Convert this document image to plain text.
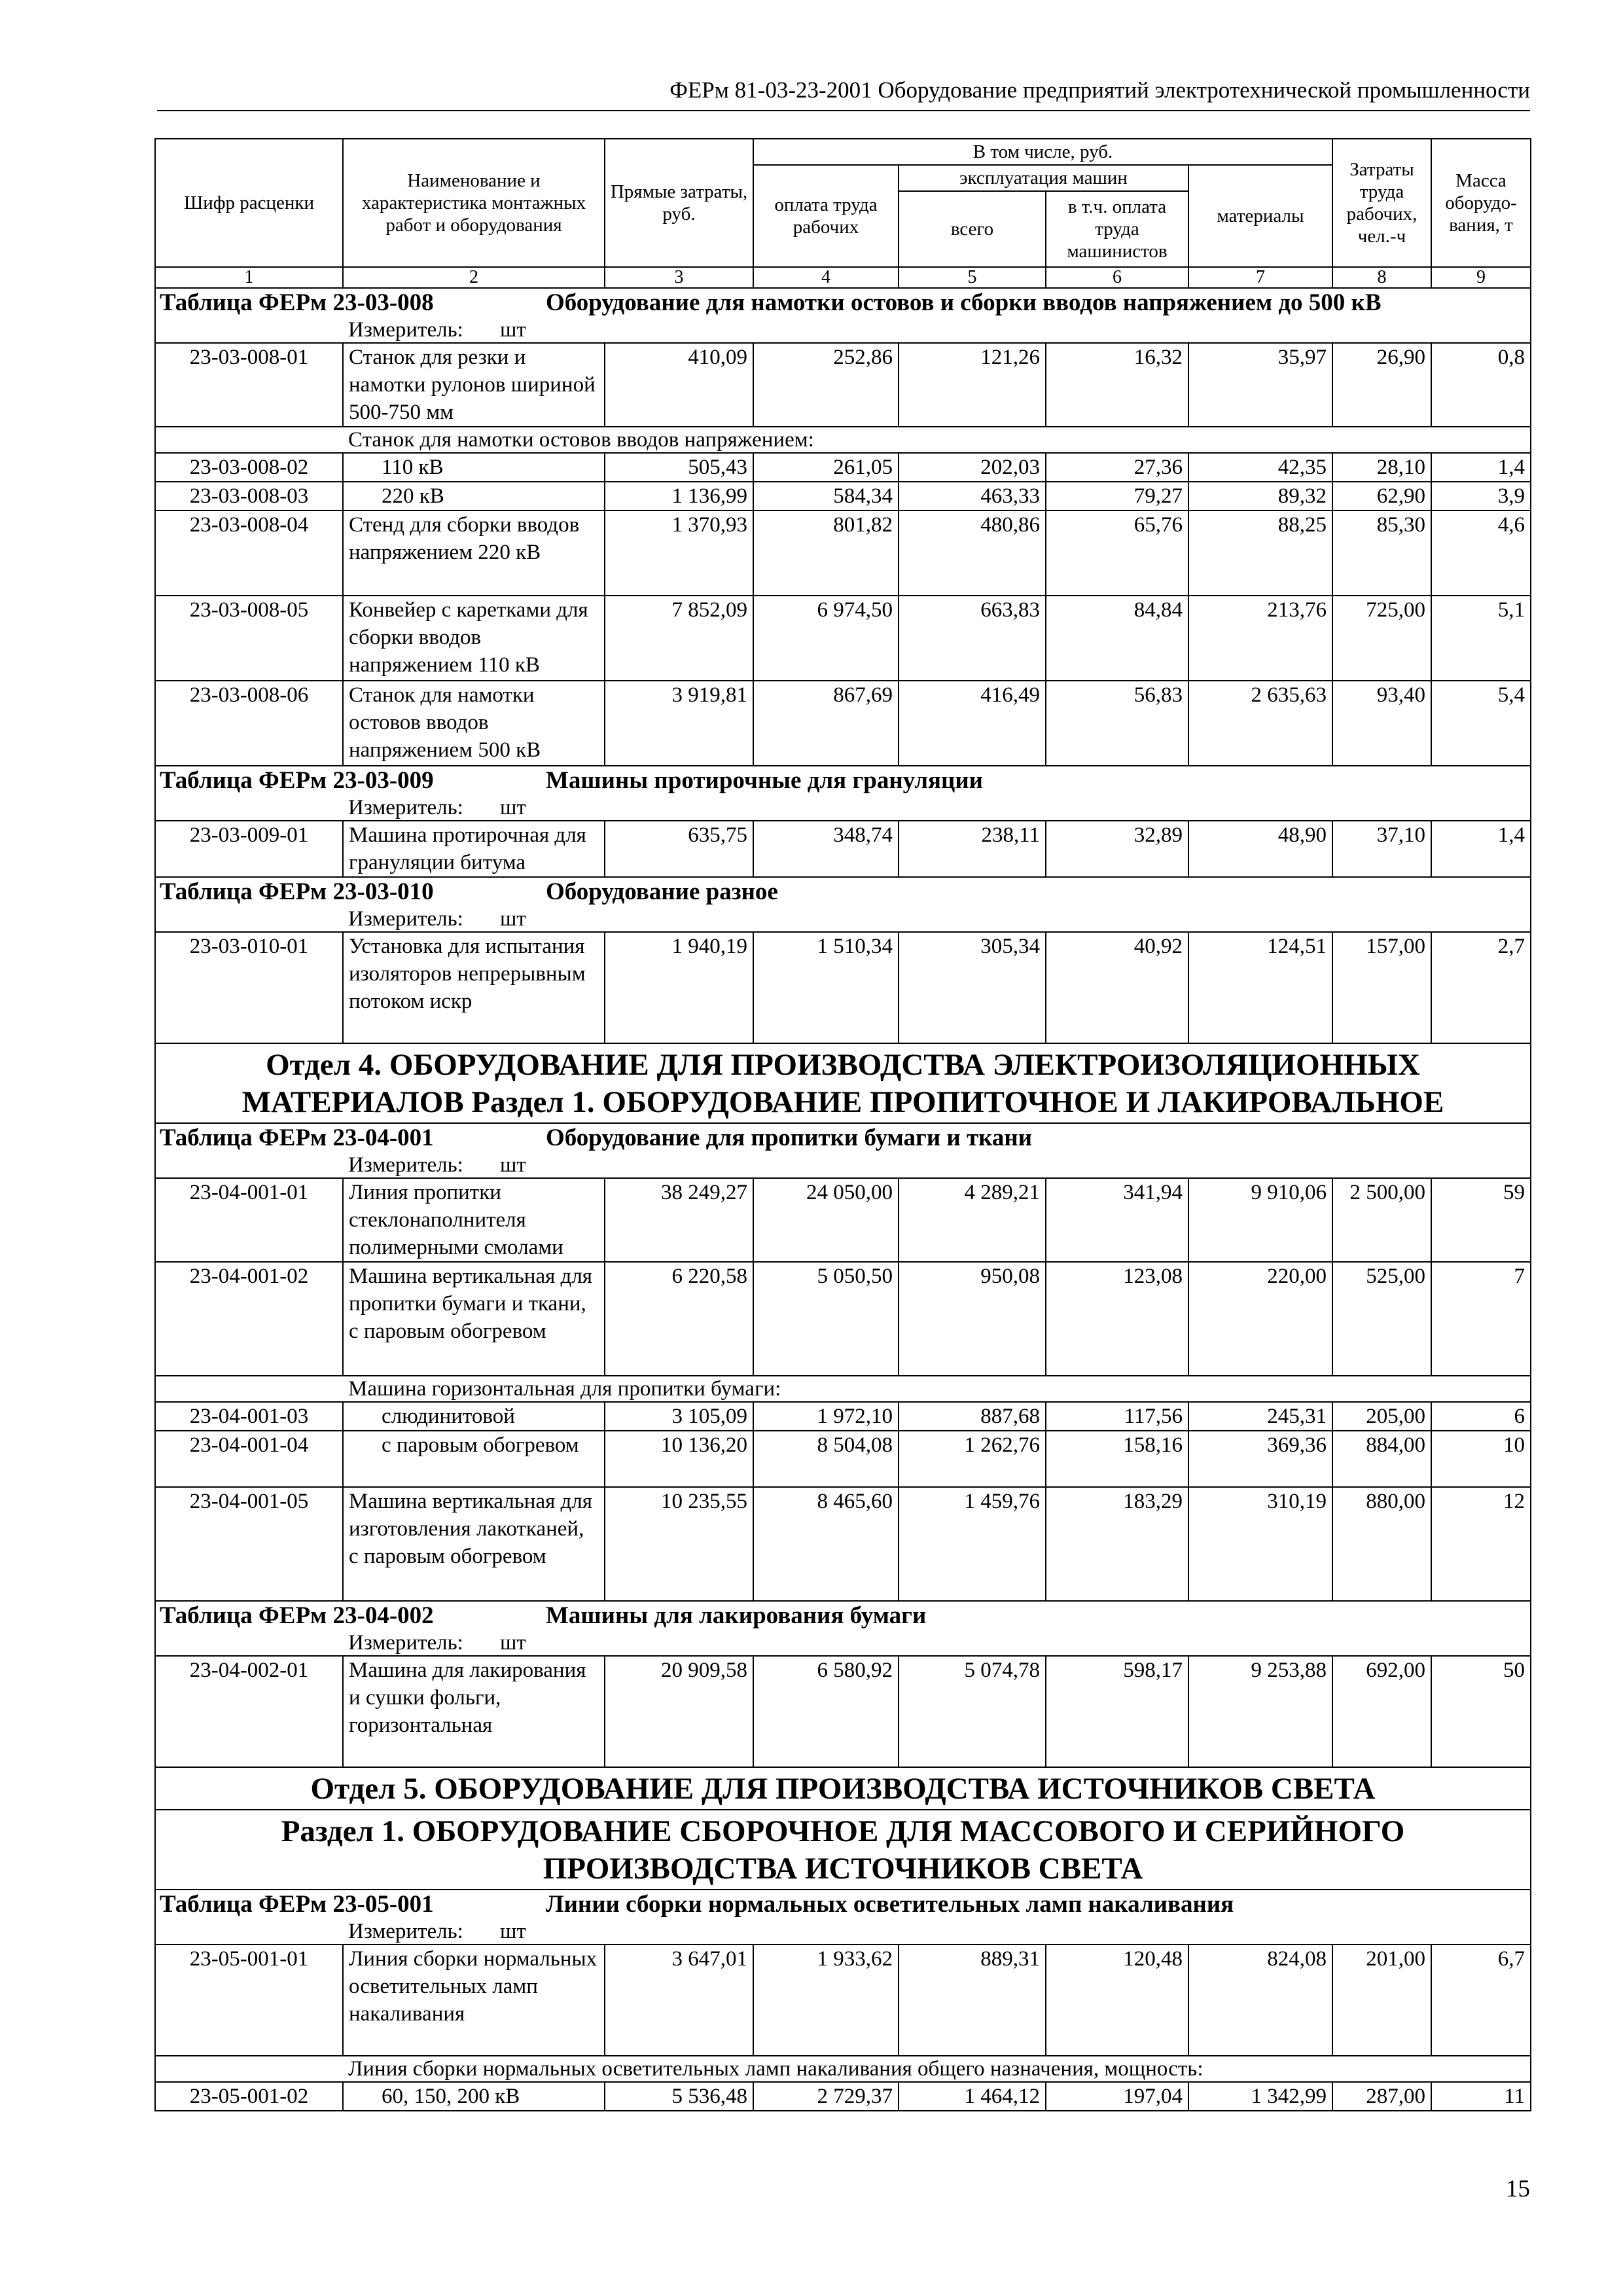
ФЕРм 81-03-23-2001 Оборудование предприятий электротехнической промышленности
Шифр расценки	Наименование и характеристика монтажных работ и оборудования	Прямые затраты, руб.	В том числе, руб.				Затраты труда рабочих, чел.-ч	Масса оборудо-вания, т
			оплата труда рабочих	эксплуатация машин		материалы		
				всего	в т.ч. оплата труда машинистов			
1	2	3	4	5	6	7	8	9
Таблица ФЕРм 23-03-008 Оборудование для намотки остовов и сборки вводов напряжением до 500 кВ								
Измеритель: шт								
23-03-008-01	Станок для резки и намотки рулонов шириной 500-750 мм	410,09	252,86	121,26	16,32	35,97	26,90	0,8
Станок для намотки остовов вводов напряжением:								
23-03-008-02	110 кВ	505,43	261,05	202,03	27,36	42,35	28,10	1,4
23-03-008-03	220 кВ	1 136,99	584,34	463,33	79,27	89,32	62,90	3,9
23-03-008-04	Стенд для сборки вводов напряжением 220 кВ	1 370,93	801,82	480,86	65,76	88,25	85,30	4,6
23-03-008-05	Конвейер с каретками для сборки вводов напряжением 110 кВ	7 852,09	6 974,50	663,83	84,84	213,76	725,00	5,1
23-03-008-06	Станок для намотки остовов вводов напряжением 500 кВ	3 919,81	867,69	416,49	56,83	2 635,63	93,40	5,4
Таблица ФЕРм 23-03-009 Машины протирочные для грануляции								
Измеритель: шт								
23-03-009-01	Машина протирочная для грануляции битума	635,75	348,74	238,11	32,89	48,90	37,10	1,4
Таблица ФЕРм 23-03-010 Оборудование разное								
Измеритель: шт								
23-03-010-01	Установка для испытания изоляторов непрерывным потоком искр	1 940,19	1 510,34	305,34	40,92	124,51	157,00	2,7
Отдел 4. ОБОРУДОВАНИЕ ДЛЯ ПРОИЗВОДСТВА ЭЛЕКТРОИЗОЛЯЦИОННЫХ МАТЕРИАЛОВ Раздел 1. ОБОРУДОВАНИЕ ПРОПИТОЧНОЕ И ЛАКИРОВАЛЬНОЕ								
Таблица ФЕРм 23-04-001 Оборудование для пропитки бумаги и ткани								
Измеритель: шт								
23-04-001-01	Линия пропитки стеклонаполнителя полимерными смолами	38 249,27	24 050,00	4 289,21	341,94	9 910,06	2 500,00	59
23-04-001-02	Машина вертикальная для пропитки бумаги и ткани, с паровым обогревом	6 220,58	5 050,50	950,08	123,08	220,00	525,00	7
Машина горизонтальная для пропитки бумаги:								
23-04-001-03	слюдинитовой	3 105,09	1 972,10	887,68	117,56	245,31	205,00	6
23-04-001-04	с паровым обогревом	10 136,20	8 504,08	1 262,76	158,16	369,36	884,00	10
23-04-001-05	Машина вертикальная для изготовления лакотканей, с паровым обогревом	10 235,55	8 465,60	1 459,76	183,29	310,19	880,00	12
Таблица ФЕРм 23-04-002 Машины для лакирования бумаги								
Измеритель: шт								
23-04-002-01	Машина для лакирования и сушки фольги, горизонтальная	20 909,58	6 580,92	5 074,78	598,17	9 253,88	692,00	50
Отдел 5. ОБОРУДОВАНИЕ ДЛЯ ПРОИЗВОДСТВА ИСТОЧНИКОВ СВЕТА								
Раздел 1. ОБОРУДОВАНИЕ СБОРОЧНОЕ ДЛЯ МАССОВОГО И СЕРИЙНОГО ПРОИЗВОДСТВА ИСТОЧНИКОВ СВЕТА								
Таблица ФЕРм 23-05-001 Линии сборки нормальных осветительных ламп накаливания								
Измеритель: шт								
23-05-001-01	Линия сборки нормальных осветительных ламп накаливания	3 647,01	1 933,62	889,31	120,48	824,08	201,00	6,7
Линия сборки нормальных осветительных ламп накаливания общего назначения, мощность:								
23-05-001-02	60, 150, 200 кВ	5 536,48	2 729,37	1 464,12	197,04	1 342,99	287,00	11
15
